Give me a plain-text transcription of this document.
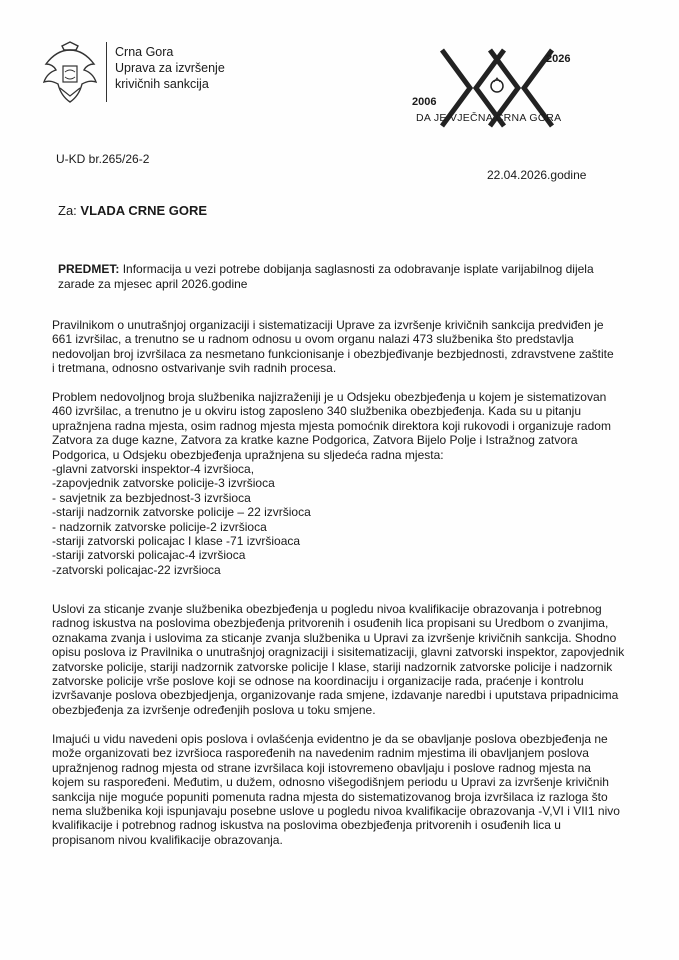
Crna Gora
Uprava za izvršenje
krivičnih sankcija
2006
2026
DA JE VJEČNA CRNA GORA
U-KD br.265/26-2
22.04.2026.godine
Za: VLADA CRNE GORE
PREDMET: Informacija u vezi potrebe dobijanja saglasnosti za odobravanje isplate varijabilnog dijela
zarade za mjesec april 2026.godine
Pravilnikom o unutrašnjoj organizaciji i sistematizaciji Uprave za izvršenje krivičnih sankcija predviđen je
661 izvršilac, a trenutno se u radnom odnosu u ovom organu nalazi 473 službenika što predstavlja
nedovoljan broj izvršilaca za nesmetano funkcionisanje i obezbjeđivanje bezbjednosti, zdravstvene zaštite
i tretmana, odnosno ostvarivanje svih radnih procesa.
Problem nedovoljnog broja službenika najizraženiji je u Odsjeku obezbjeđenja u kojem je sistematizovan
460 izvršilac, a trenutno je u okviru istog zaposleno 340 službenika obezbjeđenja. Kada su u pitanju
upražnjena radna mjesta, osim radnog mjesta mjesta pomoćnik direktora koji rukovodi i organizuje radom
Zatvora za duge kazne, Zatvora za kratke kazne Podgorica, Zatvora Bijelo Polje i Istražnog zatvora
Podgorica, u Odsjeku obezbjeđenja upražnjena su sljedeća radna mjesta:
-glavni zatvorski inspektor-4 izvršioca,
-zapovjednik zatvorske policije-3 izvršioca
- savjetnik za bezbjednost-3 izvršioca
-stariji nadzornik zatvorske policije – 22 izvršioca
- nadzornik zatvorske policije-2 izvršioca
-stariji zatvorski policajac I klase -71 izvršioaca
-stariji zatvorski policajac-4 izvršioca
-zatvorski policajac-22 izvršioca
Uslovi za sticanje zvanje službenika obezbjeđenja u pogledu nivoa kvalifikacije obrazovanja i potrebnog
radnog iskustva na poslovima obezbjeđenja pritvorenih i osuđenih lica propisani su Uredbom o zvanjima,
oznakama zvanja i uslovima za sticanje zvanja službenika u Upravi za izvršenje krivičnih sankcija. Shodno
opisu poslova iz Pravilnika o unutrašnjoj oragnizaciji i sisitematizaciji, glavni zatvorski inspektor, zapovjednik
zatvorske policije, stariji nadzornik zatvorske policije I klase, stariji nadzornik zatvorske policije i nadzornik
zatvorske policije vrše poslove koji se odnose na koordinaciju i organizacije rada, praćenje i kontrolu
izvršavanje poslova obezbjedjenja, organizovanje rada smjene, izdavanje naredbi i uputstava pripadnicima
obezbjeđenja za izvršenje određenjih poslova u toku smjene.
Imajući u vidu navedeni opis poslova i ovlašćenja evidentno je da se obavljanje poslova obezbjeđenja ne
može organizovati bez izvršioca raspoređenih na navedenim radnim mjestima ili obavljanjem poslova
upražnjenog radnog mjesta od strane izvršilaca koji istovremeno obavljaju i poslove radnog mjesta na
kojem su raspoređeni. Međutim, u dužem, odnosno višegodišnjem periodu u Upravi za izvršenje krivičnih
sankcija nije moguće popuniti pomenuta radna mjesta do sistematizovanog broja izvršilaca iz razloga što
nema službenika koji ispunjavaju posebne uslove u pogledu nivoa kvalifikacije obrazovanja -V,VI i VII1 nivo
kvalifikacije i potrebnog radnog iskustva na poslovima obezbjeđenja pritvorenih i osuđenih lica u
propisanom nivou kvalifikacije obrazovanja.
